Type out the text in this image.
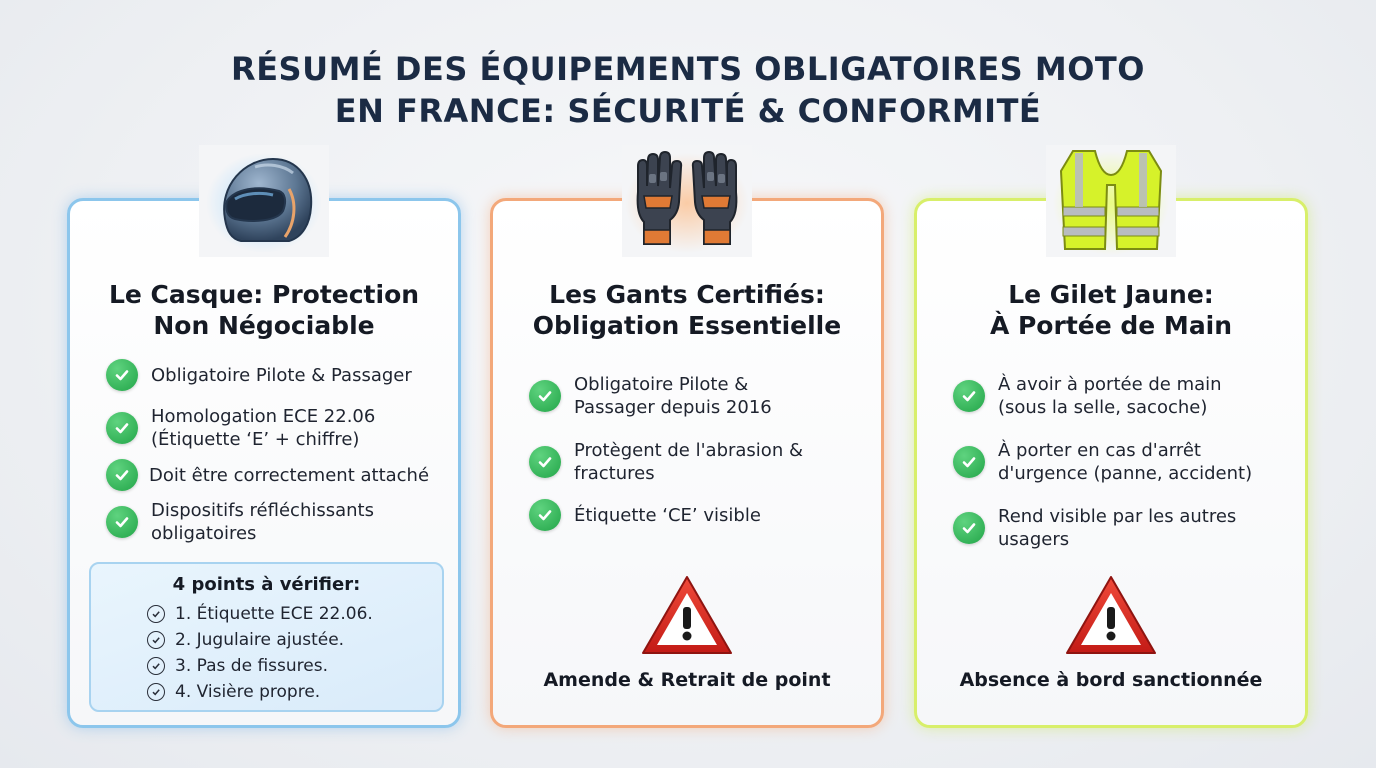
RÉSUMÉ DES ÉQUIPEMENTS OBLIGATOIRES MOTO
EN FRANCE: SÉCURITÉ & CONFORMITÉ
Le Casque: Protection
Non Négociable
Obligatoire Pilote & Passager
Homologation ECE 22.06
(Étiquette ‘E’ + chiffre)
Doit être correctement attaché
Dispositifs réfléchissants
obligatoires
4 points à vérifier:
1. Étiquette ECE 22.06.
2. Jugulaire ajustée.
3. Pas de fissures.
4. Visière propre.
Les Gants Certifiés:
Obligation Essentielle
Obligatoire Pilote &
Passager depuis 2016
Protègent de l'abrasion &
fractures
Étiquette ‘CE’ visible
Amende & Retrait de point
Le Gilet Jaune:
À Portée de Main
À avoir à portée de main
(sous la selle, sacoche)
À porter en cas d'arrêt
d'urgence (panne, accident)
Rend visible par les autres
usagers
Absence à bord sanctionnée
